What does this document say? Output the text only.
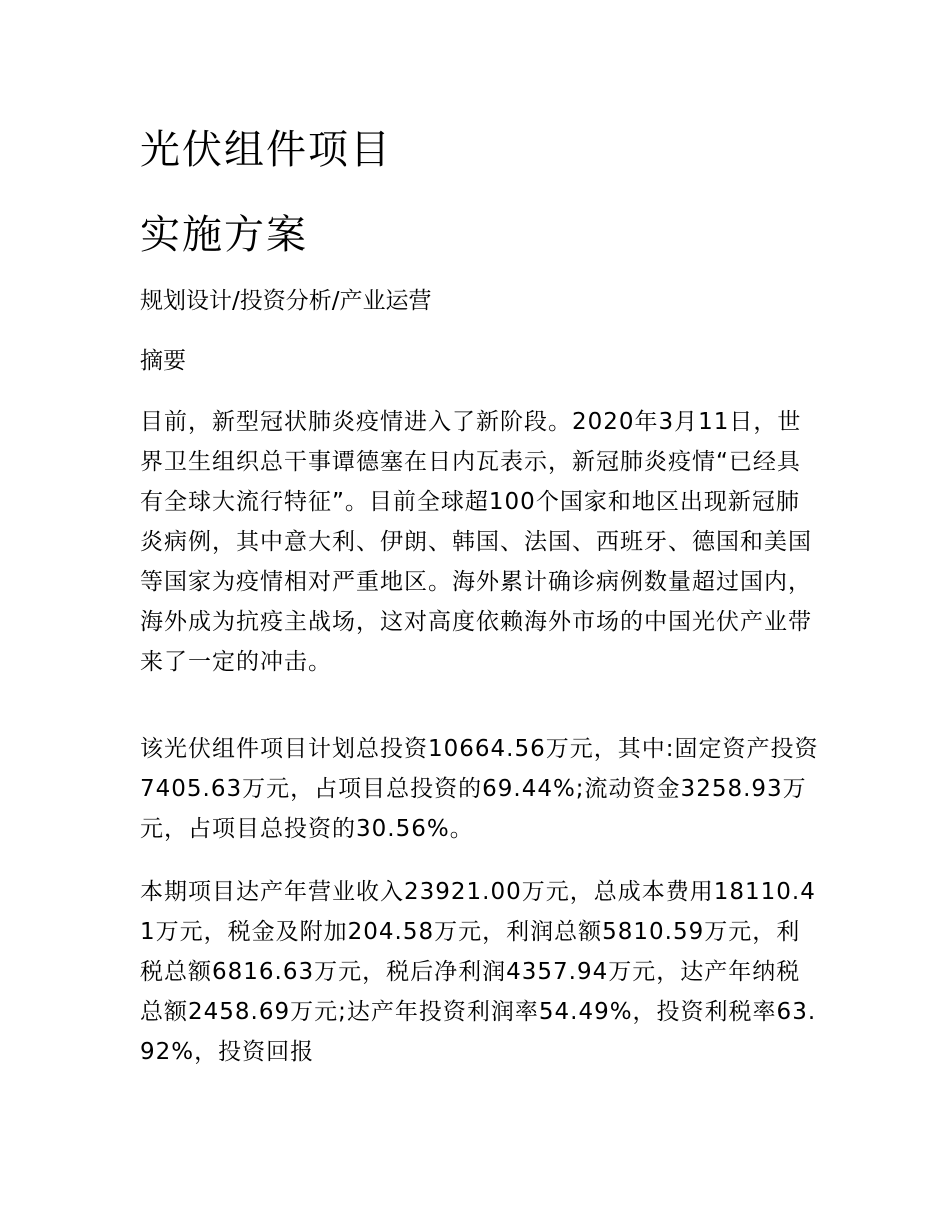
光伏组件项目
实施方案
规划设计/投资分析/产业运营
摘要

目前，新型冠状肺炎疫情进入了新阶段。2020年3月11日，世界卫生组织总干事谭德塞在日内瓦表示，新冠肺炎疫情“已经具有全球大流行特征”。目前全球超100个国家和地区出现新冠肺炎病例，其中意大利、伊朗、韩国、法国、西班牙、德国和美国等国家为疫情相对严重地区。海外累计确诊病例数量超过国内，海外成为抗疫主战场，这对高度依赖海外市场的中国光伏产业带来了一定的冲击。

该光伏组件项目计划总投资10664.56万元，其中:固定资产投资7405.63万元，占项目总投资的69.44%;流动资金3258.93万元，占项目总投资的30.56%。

本期项目达产年营业收入23921.00万元，总成本费用18110.41万元，税金及附加204.58万元，利润总额5810.59万元，利税总额6816.63万元，税后净利润4357.94万元，达产年纳税总额2458.69万元;达产年投资利润率54.49%，投资利税率63.92%，投资回报
